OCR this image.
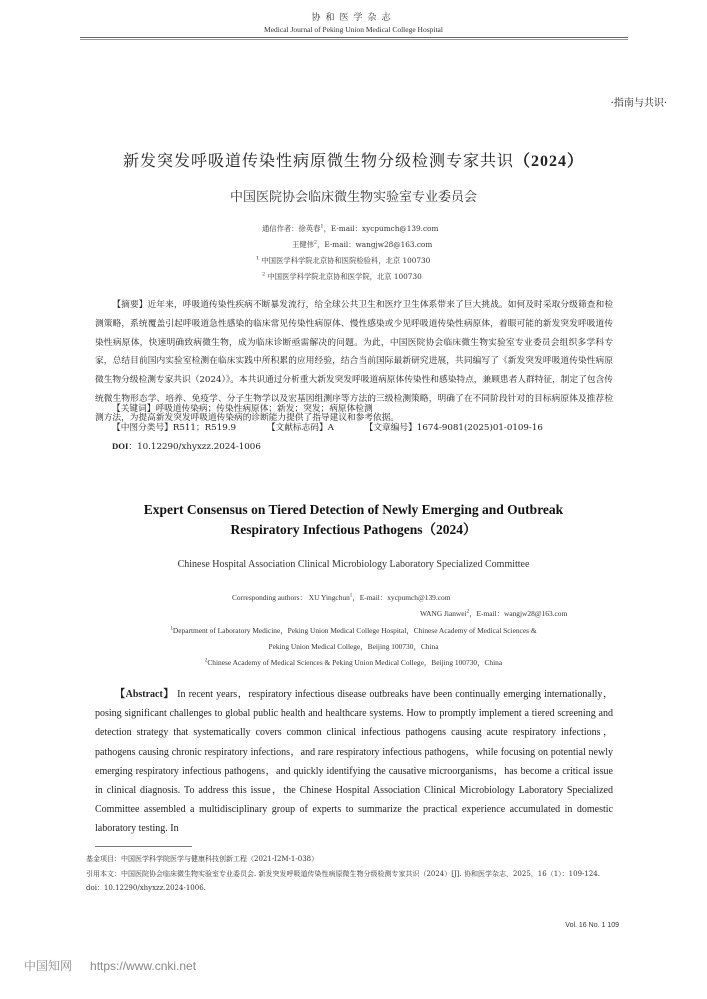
协和医学杂志
Medical Journal of Peking Union Medical College Hospital
·指南与共识·
新发突发呼吸道传染性病原微生物分级检测专家共识（2024）
中国医院协会临床微生物实验室专业委员会
通信作者：徐英春$^1$，E-mail：xycpumch@139.com
王健伟$^2$，E-mail：wangjw28@163.com
$^1$ 中国医学科学院北京协和医院检验科，北京 100730
$^2$ 中国医学科学院北京协和医学院，北京 100730
【摘要】近年来，呼吸道传染性疾病不断暴发流行，给全球公共卫生和医疗卫生体系带来了巨大挑战。如何及时采取分级筛查和检测策略，系统覆盖引起呼吸道急性感染的临床常见传染性病原体、慢性感染或少见呼吸道传染性病原体，着眼可能的新发突发呼吸道传染性病原体，快速明确致病微生物，成为临床诊断亟需解决的问题。为此，中国医院协会临床微生物实验室专业委员会组织多学科专家，总结目前国内实验室检测在临床实践中所积累的应用经验，结合当前国际最新研究进展，共同编写了《新发突发呼吸道传染性病原微生物分级检测专家共识（2024）》。本共识通过分析重大新发突发呼吸道病原体传染性和感染特点，兼顾患者人群特征，制定了包含传统微生物形态学、培养、免疫学、分子生物学以及宏基因组测序等方法的三级检测策略，明确了在不同阶段针对的目标病原体及推荐检测方法，为提高新发突发呼吸道传染病的诊断能力提供了指导建议和参考依据。
【关键词】呼吸道传染病；传染性病原体；新发；突发；病原体检测
【中图分类号】R511；R519.9	【文献标志码】A	【文章编号】1674-9081(2025)01-0109-16
DOI：10.12290/xhyxzz.2024-1006
Expert Consensus on Tiered Detection of Newly Emerging and Outbreak
Respiratory Infectious Pathogens（2024）
Chinese Hospital Association Clinical Microbiology Laboratory Specialized Committee
Corresponding authors： XU Yingchun$^1$，E-mail：xycpumch@139.com
WANG Jianwei$^2$，E-mail：wangjw28@163.com
$^1$Department of Laboratory Medicine，Peking Union Medical College Hospital，Chinese Academy of Medical Sciences &
Peking Union Medical College，Beijing 100730，China
$^2$Chinese Academy of Medical Sciences & Peking Union Medical College，Beijing 100730，China
【Abstract】 In recent years，respiratory infectious disease outbreaks have been continually emerging internationally，posing significant challenges to global public health and healthcare systems. How to promptly implement a tiered screening and detection strategy that systematically covers common clinical infectious pathogens causing acute respiratory infections，pathogens causing chronic respiratory infections，and rare respiratory infectious pathogens，while focusing on potential newly emerging respiratory infectious pathogens，and quickly identifying the causative microorganisms，has become a critical issue in clinical diagnosis. To address this issue，the Chinese Hospital Association Clinical Microbiology Laboratory Specialized Committee assembled a multidisciplinary group of experts to summarize the practical experience accumulated in domestic laboratory testing. In
基金项目：中国医学科学院医学与健康科技创新工程（2021-I2M-1-038）
引用本文：中国医院协会临床微生物实验室专业委员会. 新发突发呼吸道传染性病原微生物分级检测专家共识（2024）[J]. 协和医学杂志，2025，16（1）：109-124. doi：10.12290/xhyxzz.2024-1006.
Vol. 16 No. 1 109
中国知网 https://www.cnki.net
